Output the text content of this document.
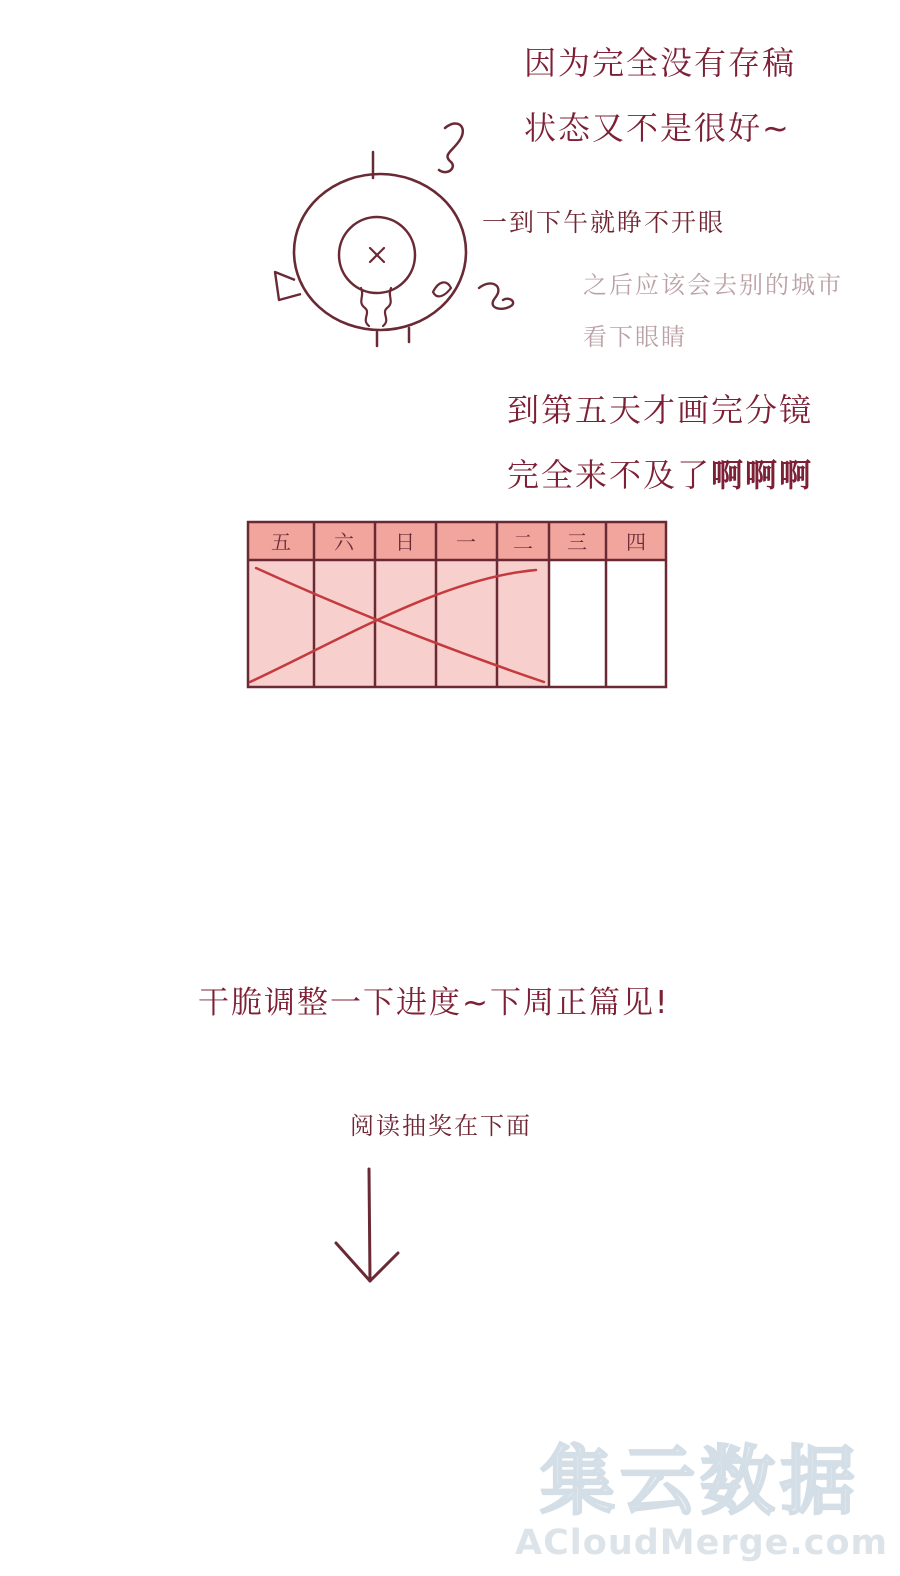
因为完全没有存稿
状态又不是很好~
一到下午就睁不开眼
之后应该会去别的城市
看下眼睛
到第五天才画完分镜
完全来不及了啊啊啊
五 六 日 一 二 三 四
干脆调整一下进度~下周正篇见!
阅读抽奖在下面
集云数据
ACloudMerge.com
